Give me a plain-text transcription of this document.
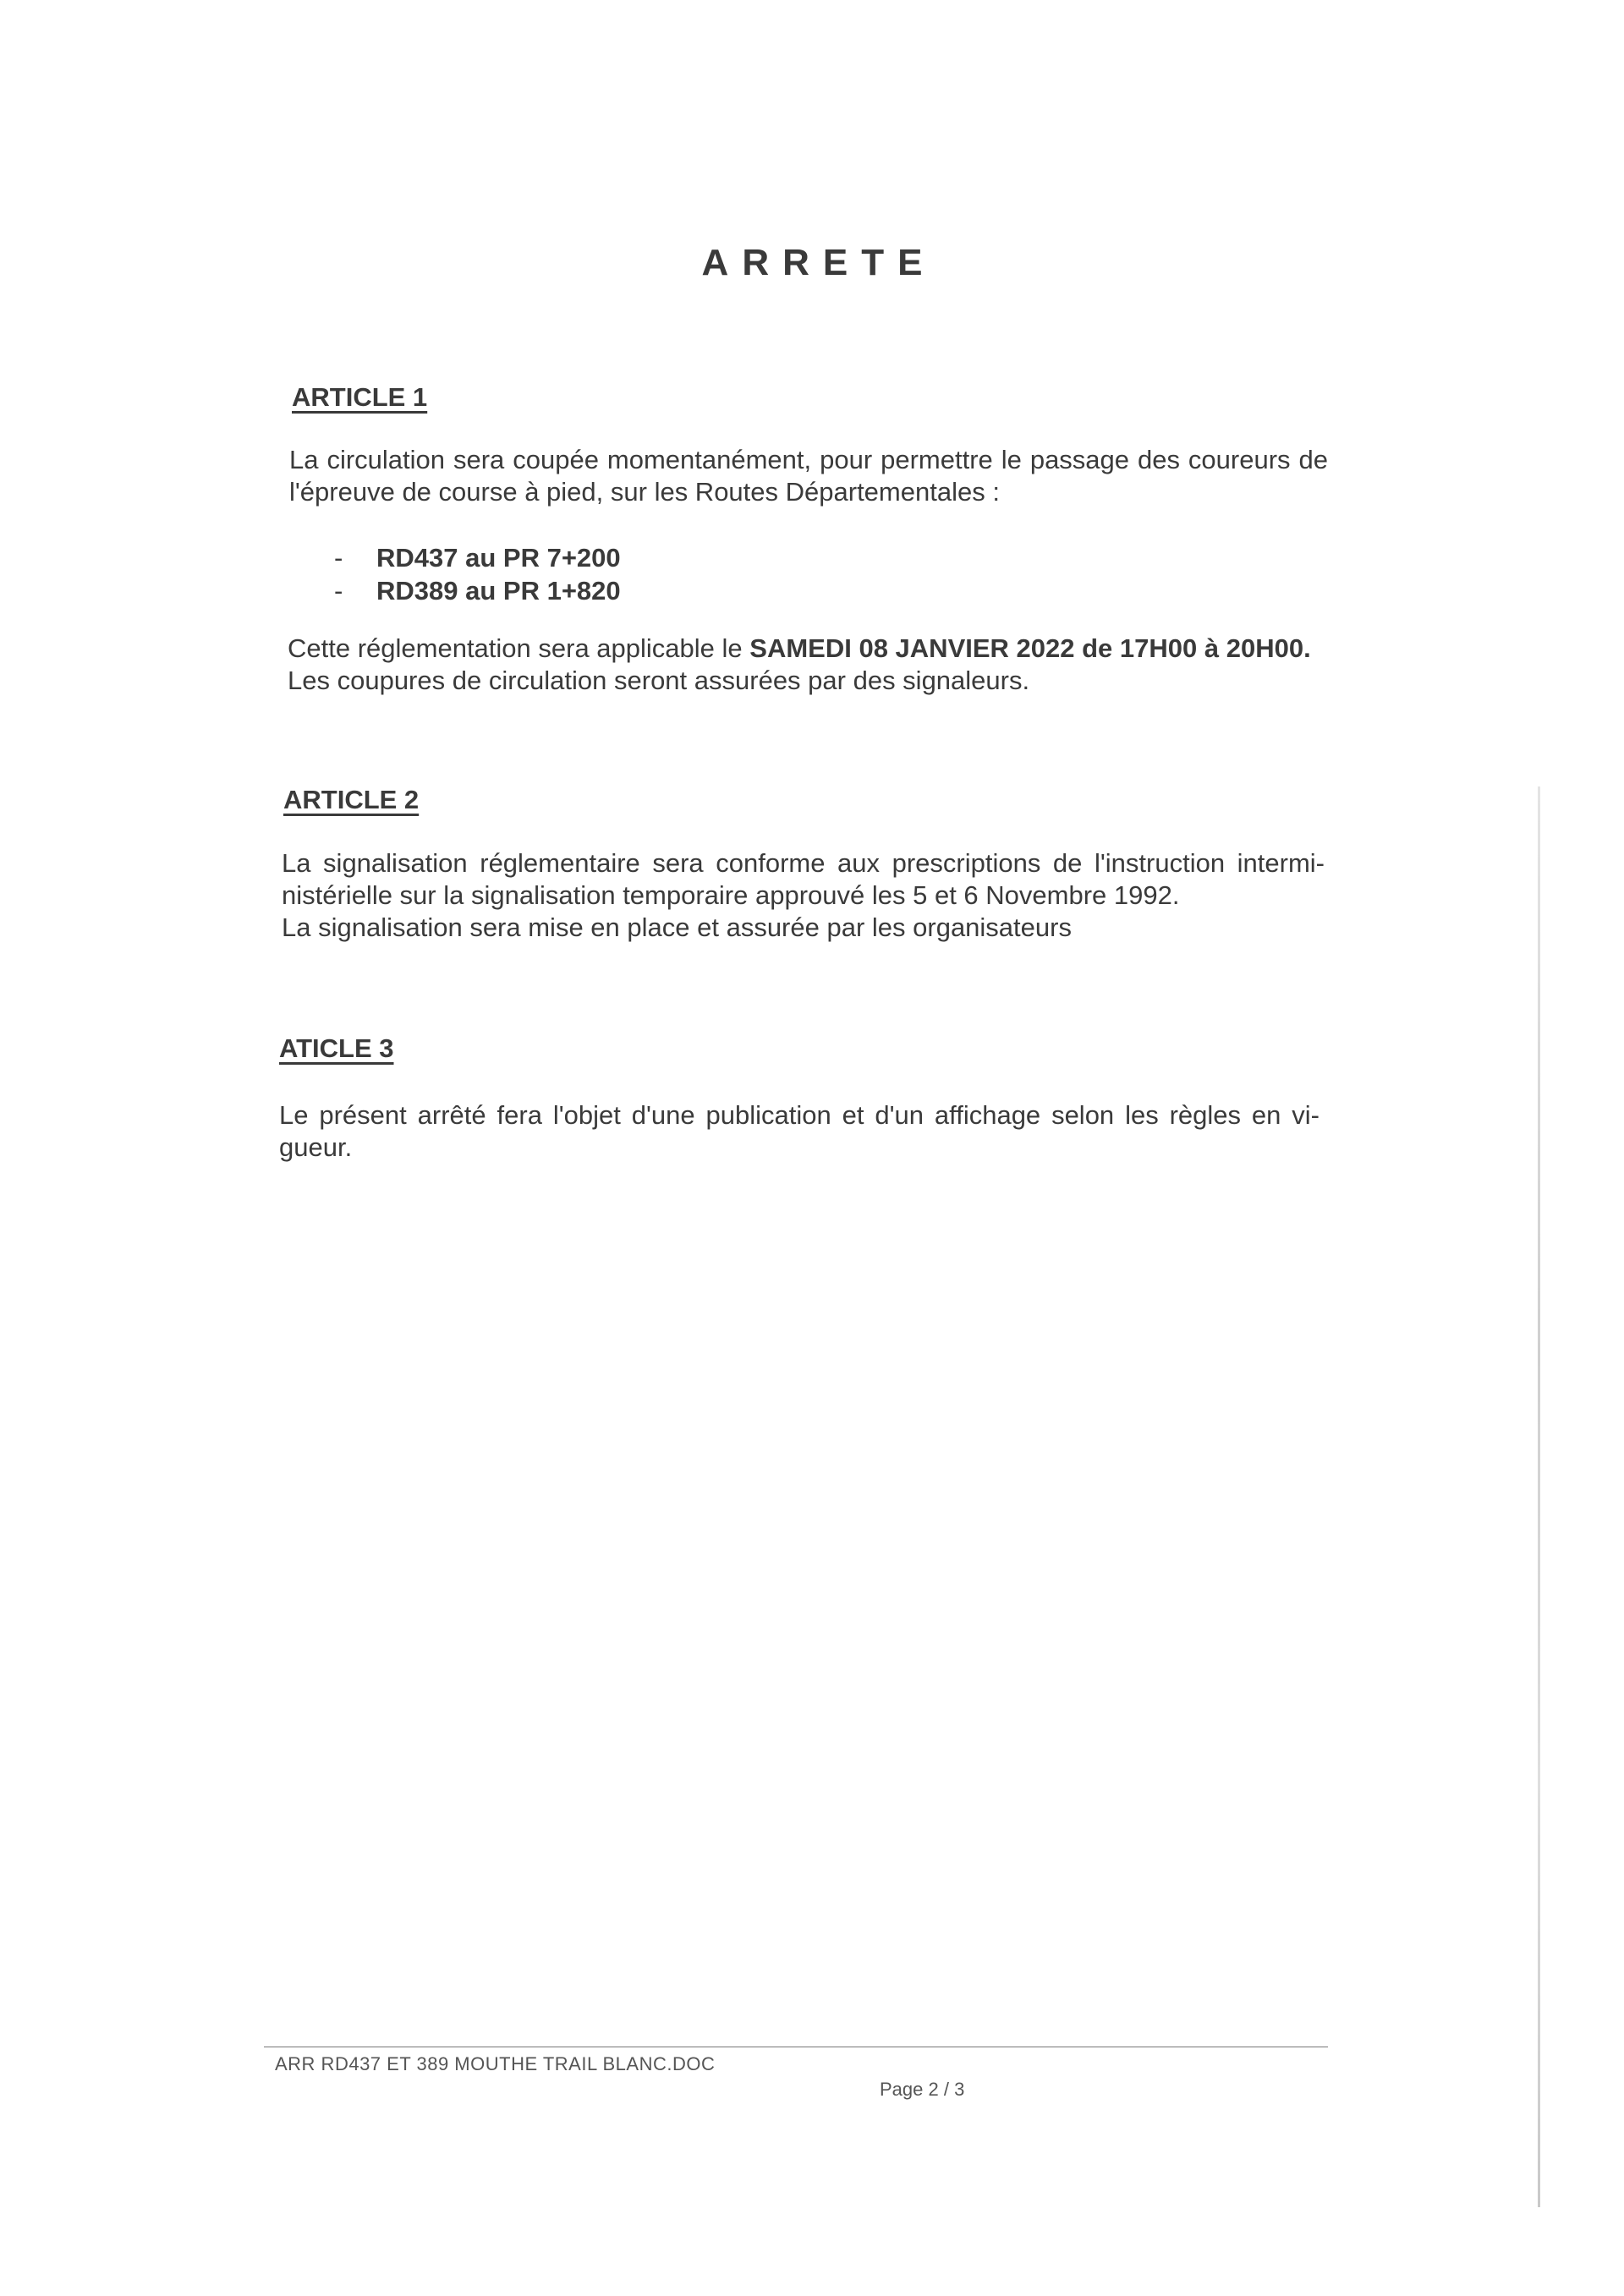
ARRETE
ARTICLE 1
La circulation sera coupée momentanément, pour permettre le passage des coureurs de
l'épreuve de course à pied, sur les Routes Départementales :
-	RD437 au PR 7+200
-	RD389 au PR 1+820
Cette réglementation sera applicable le SAMEDI 08 JANVIER 2022 de 17H00 à 20H00.
Les coupures de circulation seront assurées par des signaleurs.
ARTICLE 2
La signalisation réglementaire sera conforme aux prescriptions de l'instruction intermi-
nistérielle sur la signalisation temporaire approuvé les 5 et 6 Novembre 1992.
La signalisation sera mise en place et assurée par les organisateurs
ATICLE 3
Le présent arrêté fera l'objet d'une publication et d'un affichage selon les règles en vi-
gueur.
ARR RD437 ET 389 MOUTHE TRAIL BLANC.DOC
Page 2 / 3
